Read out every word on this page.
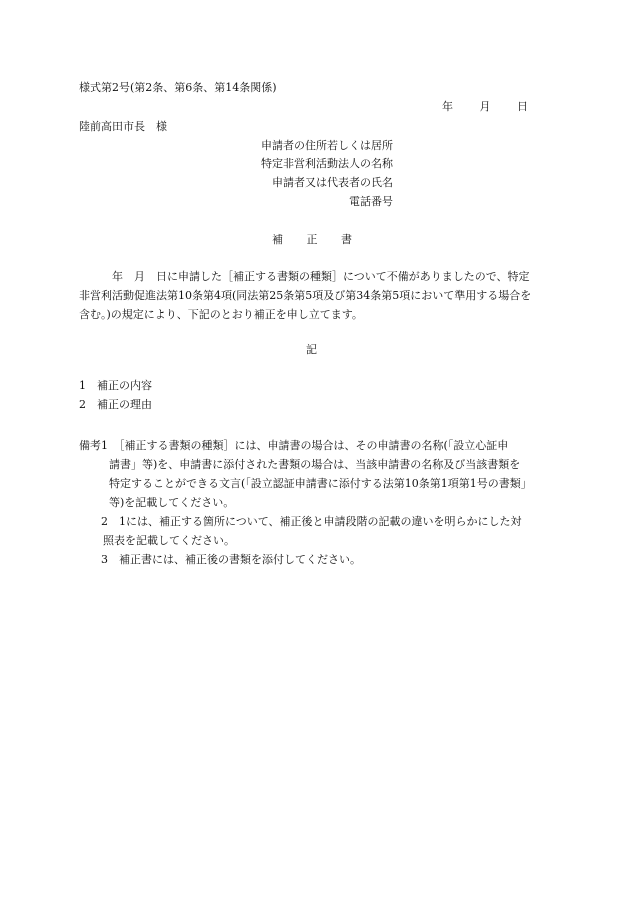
様式第2号(第2条、第6条、第14条関係)
年 月 日
陸前高田市長　様
申請者の住所若しくは居所
特定非営利活動法人の名称
申請者又は代表者の氏名
電話番号
補 正 書
　年　月　日に申請した［補正する書類の種類］について不備がありましたので、特定
非営利活動促進法第10条第4項(同法第25条第5項及び第34条第5項において準用する場合を
含む。)の規定により、下記のとおり補正を申し立てます。
記
1 補正の内容
2 補正の理由
備考1　［補正する書類の種類］には、申請書の場合は、その申請書の名称(「設立心証申
請書」等)を、申請書に添付された書類の場合は、当該申請書の名称及び当該書類を
特定することができる文言(「設立認証申請書に添付する法第10条第1項第1号の書類」
等)を記載してください。
2　1には、補正する箇所について、補正後と申請段階の記載の違いを明らかにした対
照表を記載してください。
3　補正書には、補正後の書類を添付してください。
